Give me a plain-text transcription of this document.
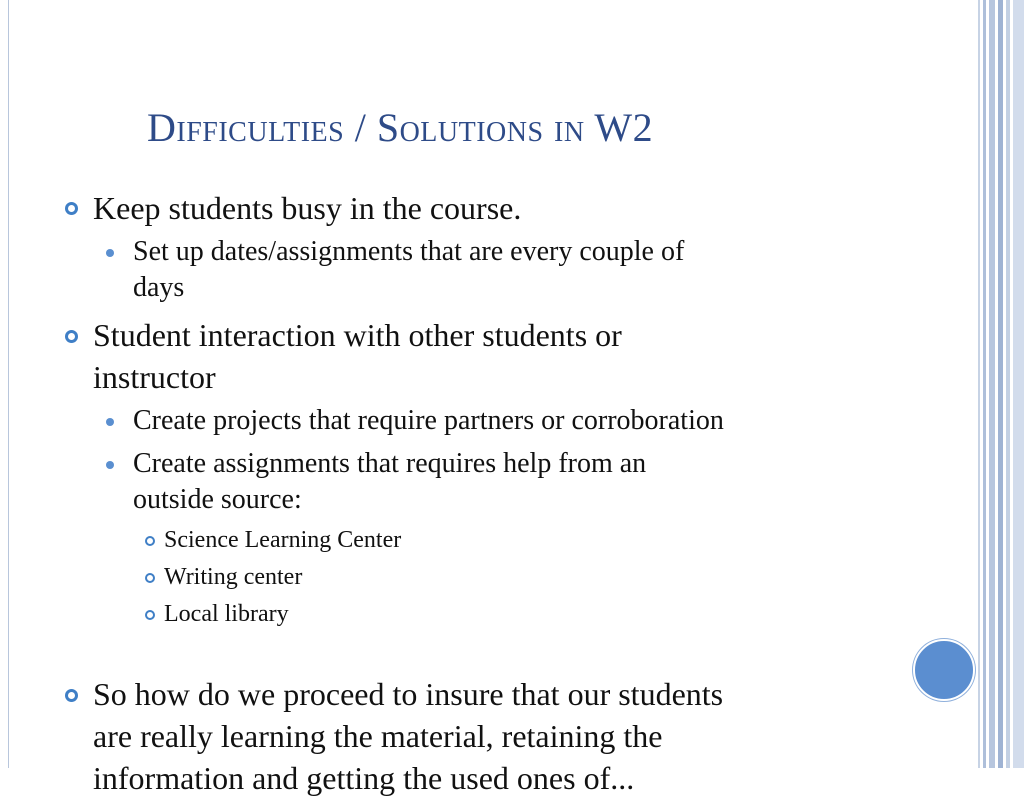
Difficulties / Solutions in W2

Keep students busy in the course.

Set up dates/assignments that are every couple of

days

Student interaction with other students or

instructor

Create projects that require partners or corroboration

Create assignments that requires help from an

outside source:

Science Learning Center

Writing center

Local library

So how do we proceed to insure that our students

are really learning the material, retaining the

information and getting the used ones of...
